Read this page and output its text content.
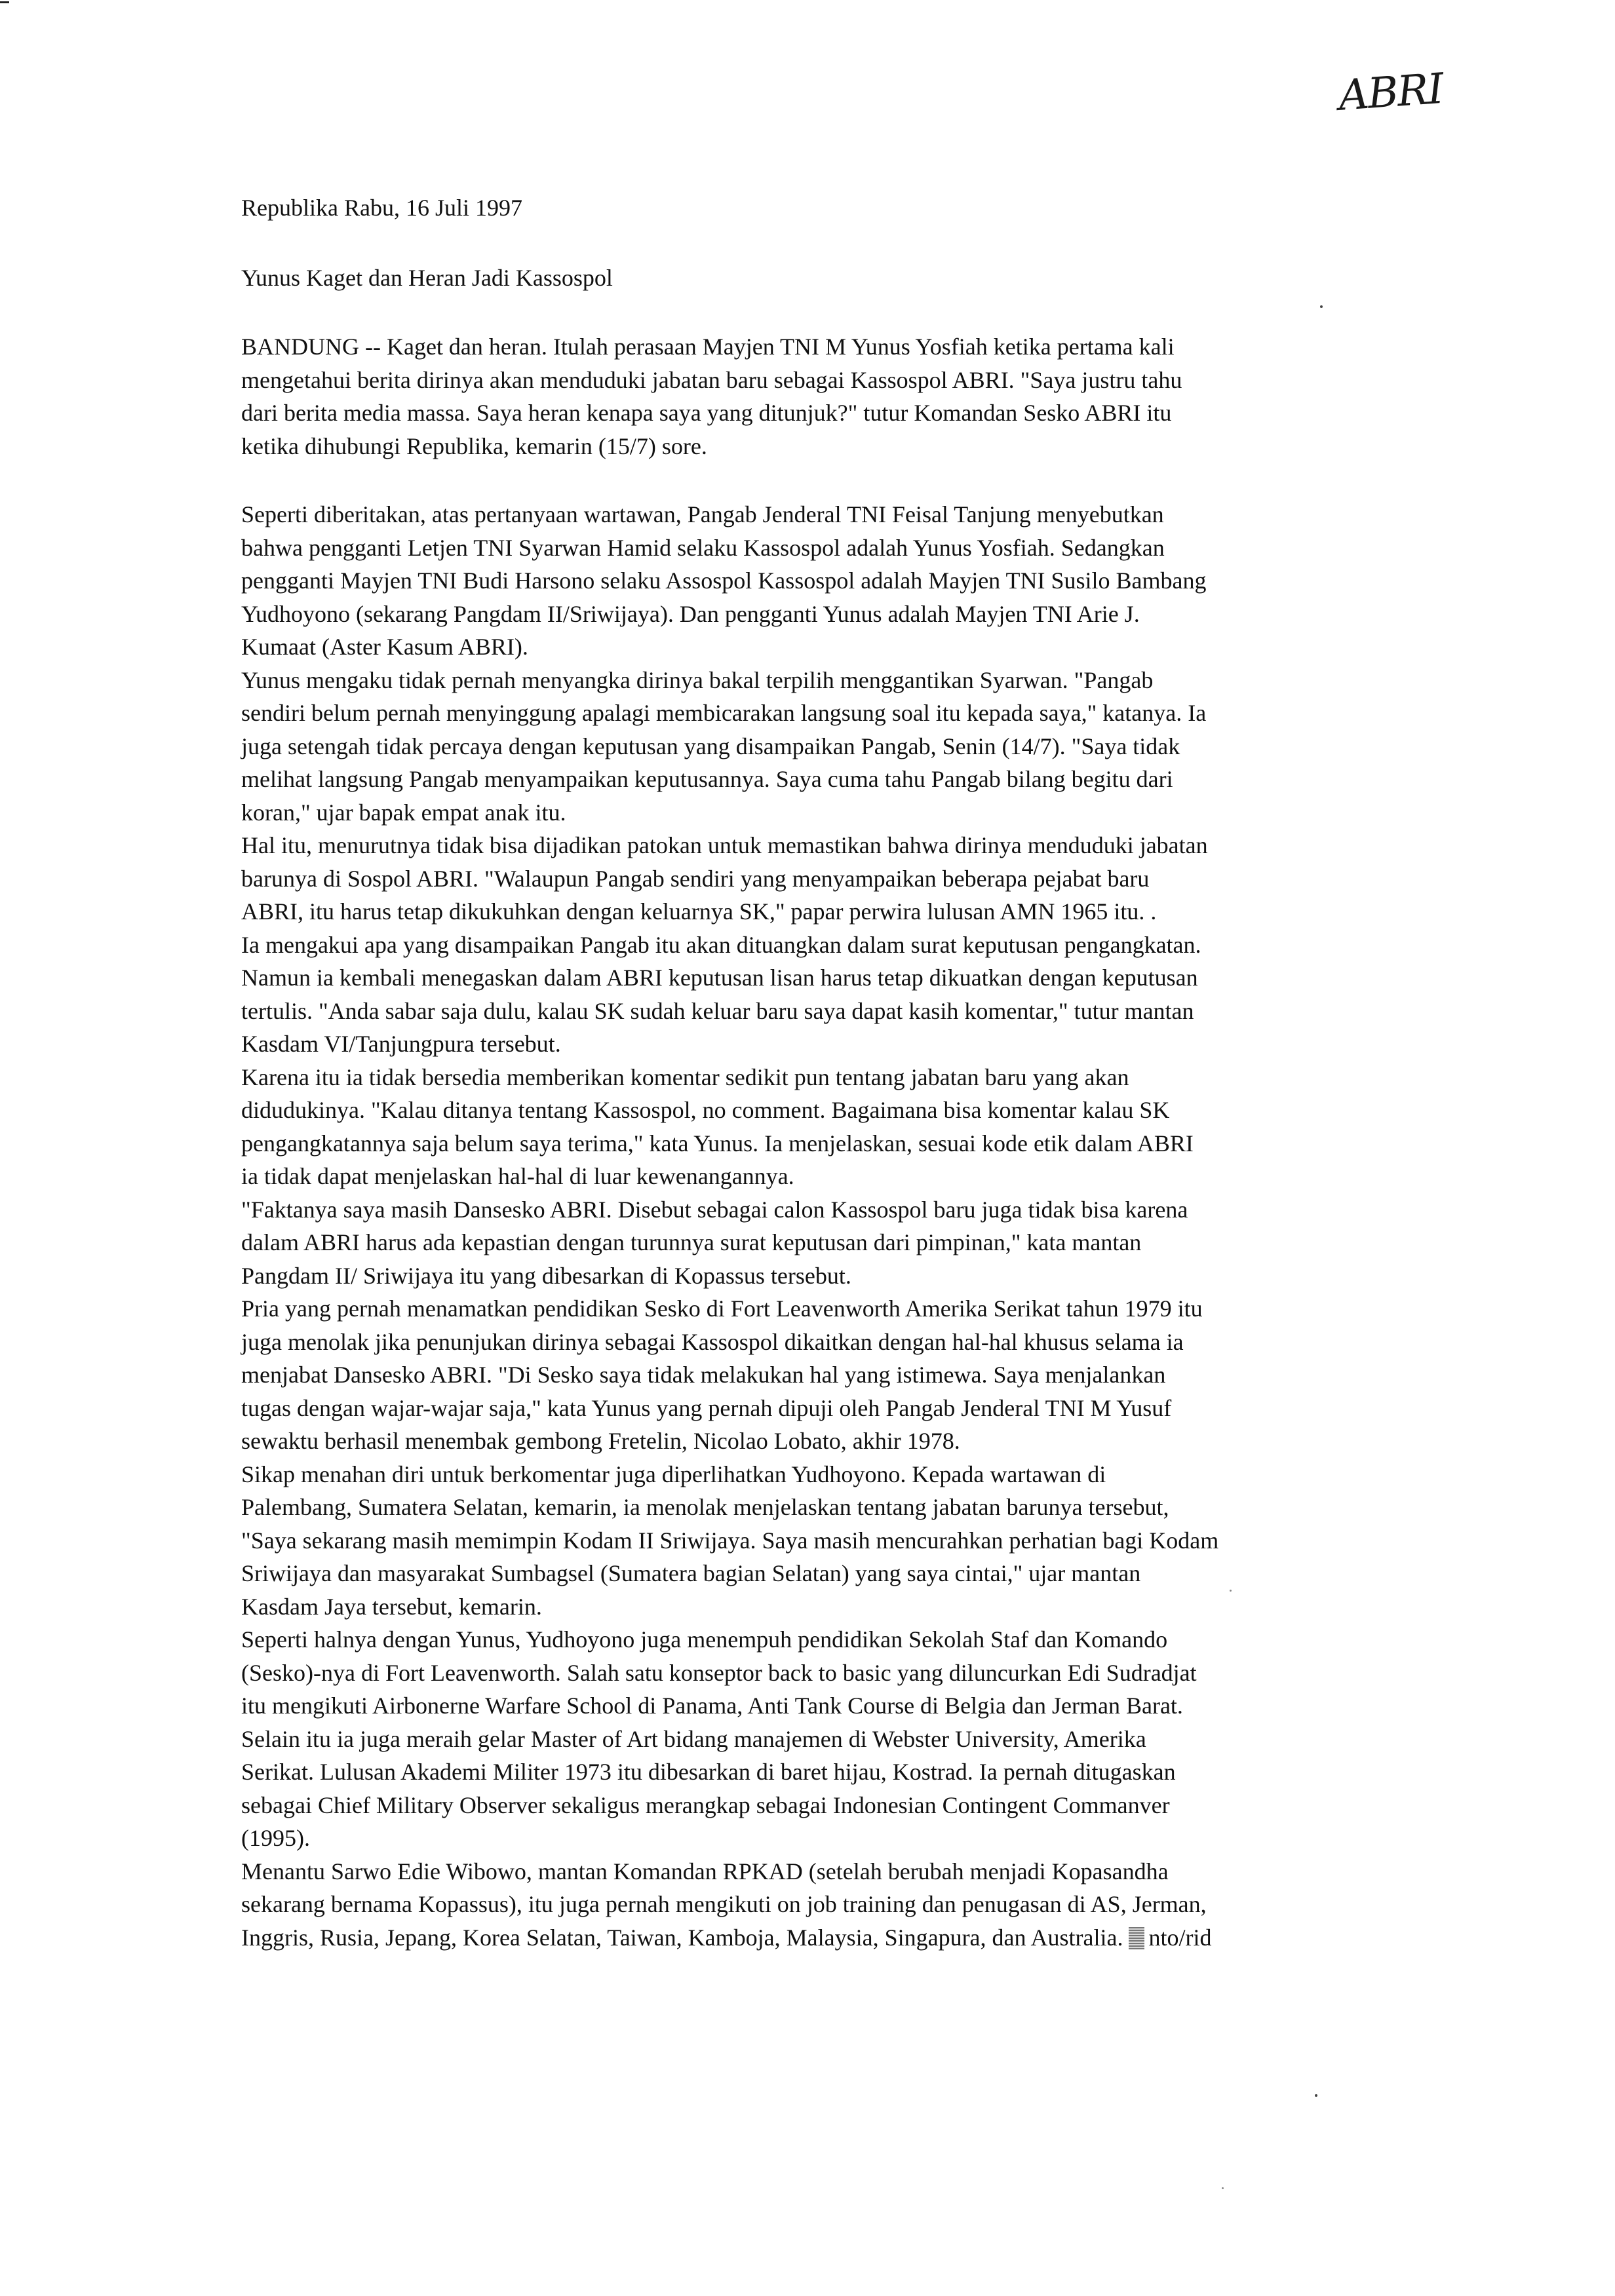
ABRI
Republika Rabu, 16 Juli 1997
Yunus Kaget dan Heran Jadi Kassospol
BANDUNG -- Kaget dan heran. Itulah perasaan Mayjen TNI M Yunus Yosfiah ketika pertama kali
mengetahui berita dirinya akan menduduki jabatan baru sebagai Kassospol ABRI. "Saya justru tahu
dari berita media massa. Saya heran kenapa saya yang ditunjuk?" tutur Komandan Sesko ABRI itu
ketika dihubungi Republika, kemarin (15/7) sore.
Seperti diberitakan, atas pertanyaan wartawan, Pangab Jenderal TNI Feisal Tanjung menyebutkan
bahwa pengganti Letjen TNI Syarwan Hamid selaku Kassospol adalah Yunus Yosfiah. Sedangkan
pengganti Mayjen TNI Budi Harsono selaku Assospol Kassospol adalah Mayjen TNI Susilo Bambang
Yudhoyono (sekarang Pangdam II/Sriwijaya). Dan pengganti Yunus adalah Mayjen TNI Arie J.
Kumaat (Aster Kasum ABRI).
Yunus mengaku tidak pernah menyangka dirinya bakal terpilih menggantikan Syarwan. "Pangab
sendiri belum pernah menyinggung apalagi membicarakan langsung soal itu kepada saya," katanya. Ia
juga setengah tidak percaya dengan keputusan yang disampaikan Pangab, Senin (14/7). "Saya tidak
melihat langsung Pangab menyampaikan keputusannya. Saya cuma tahu Pangab bilang begitu dari
koran," ujar bapak empat anak itu.
Hal itu, menurutnya tidak bisa dijadikan patokan untuk memastikan bahwa dirinya menduduki jabatan
barunya di Sospol ABRI. "Walaupun Pangab sendiri yang menyampaikan beberapa pejabat baru
ABRI, itu harus tetap dikukuhkan dengan keluarnya SK," papar perwira lulusan AMN 1965 itu. .
Ia mengakui apa yang disampaikan Pangab itu akan dituangkan dalam surat keputusan pengangkatan.
Namun ia kembali menegaskan dalam ABRI keputusan lisan harus tetap dikuatkan dengan keputusan
tertulis. "Anda sabar saja dulu, kalau SK sudah keluar baru saya dapat kasih komentar," tutur mantan
Kasdam VI/Tanjungpura tersebut.
Karena itu ia tidak bersedia memberikan komentar sedikit pun tentang jabatan baru yang akan
didudukinya. "Kalau ditanya tentang Kassospol, no comment. Bagaimana bisa komentar kalau SK
pengangkatannya saja belum saya terima," kata Yunus. Ia menjelaskan, sesuai kode etik dalam ABRI
ia tidak dapat menjelaskan hal-hal di luar kewenangannya.
"Faktanya saya masih Dansesko ABRI. Disebut sebagai calon Kassospol baru juga tidak bisa karena
dalam ABRI harus ada kepastian dengan turunnya surat keputusan dari pimpinan," kata mantan
Pangdam II/ Sriwijaya itu yang dibesarkan di Kopassus tersebut.
Pria yang pernah menamatkan pendidikan Sesko di Fort Leavenworth Amerika Serikat tahun 1979 itu
juga menolak jika penunjukan dirinya sebagai Kassospol dikaitkan dengan hal-hal khusus selama ia
menjabat Dansesko ABRI. "Di Sesko saya tidak melakukan hal yang istimewa. Saya menjalankan
tugas dengan wajar-wajar saja," kata Yunus yang pernah dipuji oleh Pangab Jenderal TNI M Yusuf
sewaktu berhasil menembak gembong Fretelin, Nicolao Lobato, akhir 1978.
Sikap menahan diri untuk berkomentar juga diperlihatkan Yudhoyono. Kepada wartawan di
Palembang, Sumatera Selatan, kemarin, ia menolak menjelaskan tentang jabatan barunya tersebut,
"Saya sekarang masih memimpin Kodam II Sriwijaya. Saya masih mencurahkan perhatian bagi Kodam
Sriwijaya dan masyarakat Sumbagsel (Sumatera bagian Selatan) yang saya cintai," ujar mantan
Kasdam Jaya tersebut, kemarin.
Seperti halnya dengan Yunus, Yudhoyono juga menempuh pendidikan Sekolah Staf dan Komando
(Sesko)-nya di Fort Leavenworth. Salah satu konseptor back to basic yang diluncurkan Edi Sudradjat
itu mengikuti Airbonerne Warfare School di Panama, Anti Tank Course di Belgia dan Jerman Barat.
Selain itu ia juga meraih gelar Master of Art bidang manajemen di Webster University, Amerika
Serikat. Lulusan Akademi Militer 1973 itu dibesarkan di baret hijau, Kostrad. Ia pernah ditugaskan
sebagai Chief Military Observer sekaligus merangkap sebagai Indonesian Contingent Commanver
(1995).
Menantu Sarwo Edie Wibowo, mantan Komandan RPKAD (setelah berubah menjadi Kopasandha
sekarang bernama Kopassus), itu juga pernah mengikuti on job training dan penugasan di AS, Jerman,
Inggris, Rusia, Jepang, Korea Selatan, Taiwan, Kamboja, Malaysia, Singapura, dan Australia. nto/rid
